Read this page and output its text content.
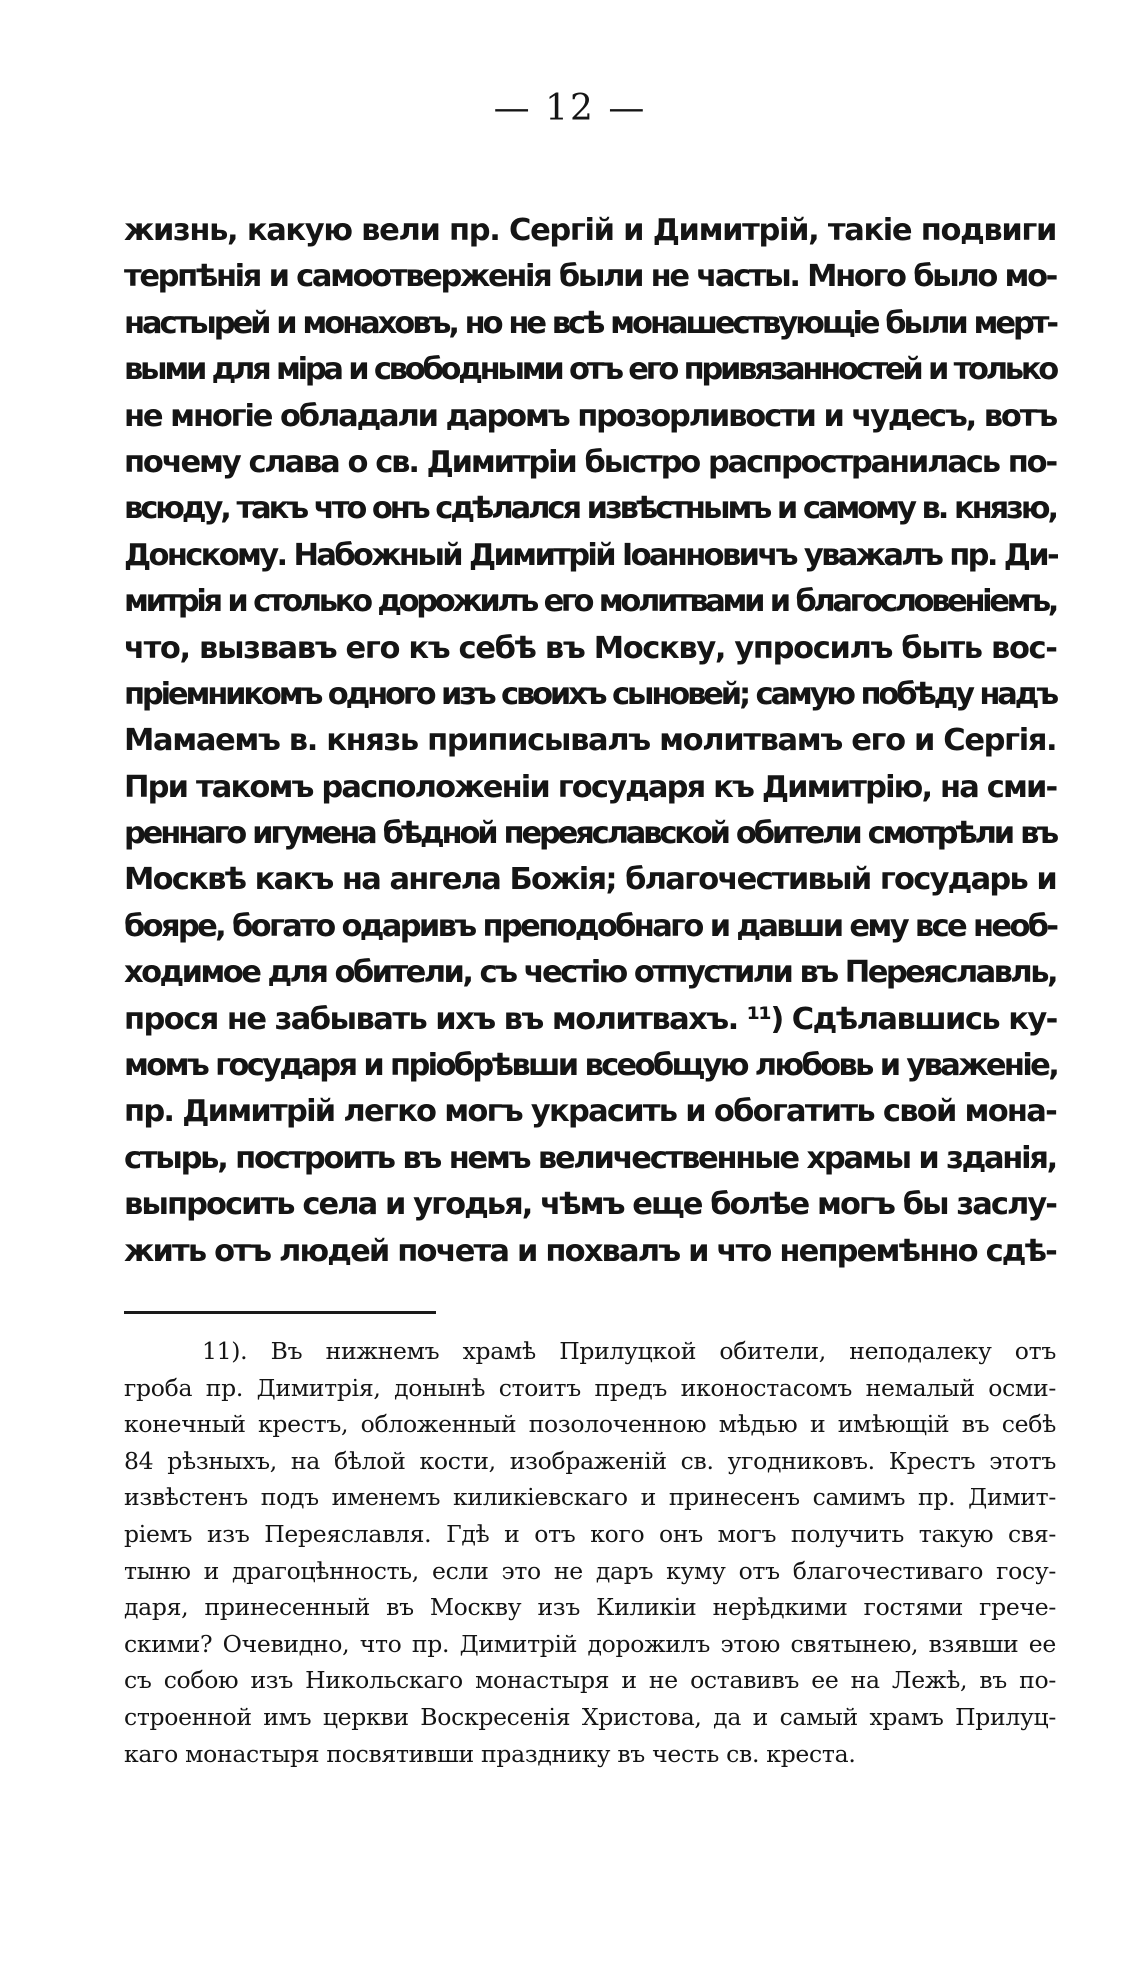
— 12 —
жизнь, какую вели пр. Сергій и Димитрій, такіе подвиги
терпѣнія и самоотверженія были не часты. Много было мо-
настырей и монаховъ, но не всѣ монашествующіе были мерт-
выми для міра и свободными отъ его привязанностей и только
не многіе обладали даромъ прозорливости и чудесъ, вотъ
почему слава о св. Димитріи быстро распространилась по-
всюду, такъ что онъ сдѣлался извѣстнымъ и самому в. князю,
Донскому. Набожный Димитрій Іоанновичъ уважалъ пр. Ди-
митрія и столько дорожилъ его молитвами и благословеніемъ,
что, вызвавъ его къ себѣ въ Москву, упросилъ быть вос-
пріемникомъ одного изъ своихъ сыновей; самую побѣду надъ
Мамаемъ в. князь приписывалъ молитвамъ его и Сергія.
При такомъ расположеніи государя къ Димитрію, на сми-
реннаго игумена бѣдной переяславской обители смотрѣли въ
Москвѣ какъ на ангела Божія; благочестивый государь и
бояре, богато одаривъ преподобнаго и давши ему все необ-
ходимое для обители, съ честію отпустили въ Переяславль,
прося не забывать ихъ въ молитвахъ. ¹¹) Сдѣлавшись ку-
момъ государя и пріобрѣвши всеобщую любовь и уваженіе,
пр. Димитрій легко могъ украсить и обогатить свой мона-
стырь, построить въ немъ величественные храмы и зданія,
выпросить села и угодья, чѣмъ еще болѣе могъ бы заслу-
жить отъ людей почета и похвалъ и что непремѣнно сдѣ-
11). Въ нижнемъ храмѣ Прилуцкой обители, неподалеку отъ
гроба пр. Димитрія, донынѣ стоитъ предъ иконостасомъ немалый осми-
конечный крестъ, обложенный позолоченною мѣдью и имѣющій въ себѣ
84 рѣзныхъ, на бѣлой кости, изображеній св. угодниковъ. Крестъ этотъ
извѣстенъ подъ именемъ киликіевскаго и принесенъ самимъ пр. Димит-
ріемъ изъ Переяславля. Гдѣ и отъ кого онъ могъ получить такую свя-
тыню и драгоцѣнность, если это не даръ куму отъ благочестиваго госу-
даря, принесенный въ Москву изъ Киликіи нерѣдкими гостями грече-
скими? Очевидно, что пр. Димитрій дорожилъ этою святынею, взявши ее
съ собою изъ Никольскаго монастыря и не оставивъ ее на Лежѣ, въ по-
строенной имъ церкви Воскресенія Христова, да и самый храмъ Прилуц-
каго монастыря посвятивши празднику въ честь св. креста.
